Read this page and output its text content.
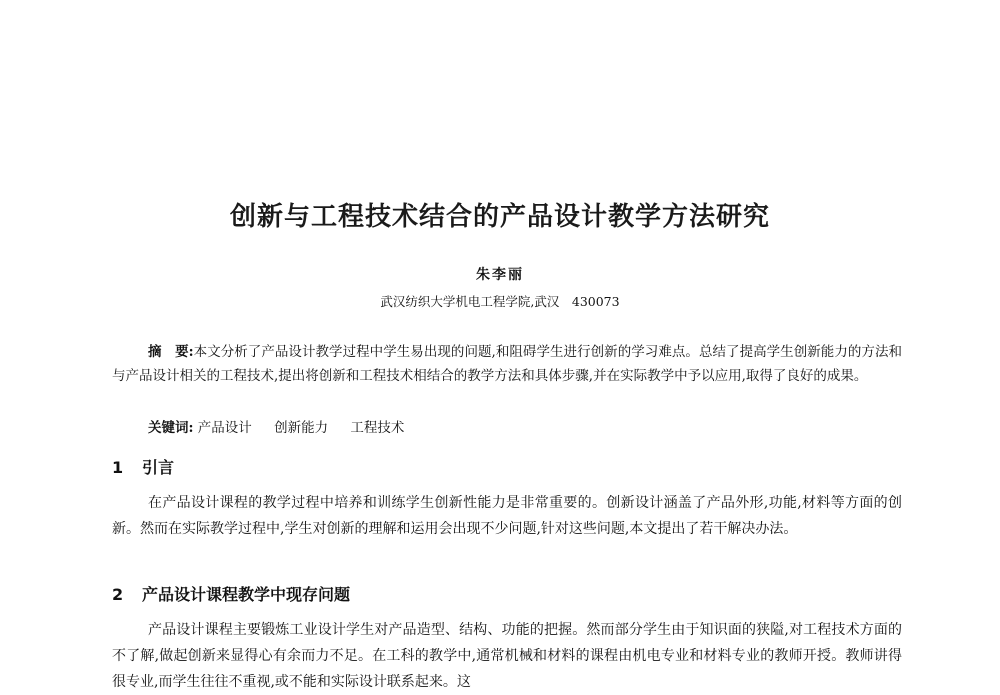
创新与工程技术结合的产品设计教学方法研究
朱李丽
武汉纺织大学机电工程学院,武汉　430073
摘　要:本文分析了产品设计教学过程中学生易出现的问题,和阻碍学生进行创新的学习难点。总结了提高学生创新能力的方法和与产品设计相关的工程技术,提出将创新和工程技术相结合的教学方法和具体步骤,并在实际教学中予以应用,取得了良好的成果。
关键词: 产品设计 创新能力 工程技术
1 引言
在产品设计课程的教学过程中培养和训练学生创新性能力是非常重要的。创新设计涵盖了产品外形,功能,材料等方面的创新。然而在实际教学过程中,学生对创新的理解和运用会出现不少问题,针对这些问题,本文提出了若干解决办法。
2 产品设计课程教学中现存问题
产品设计课程主要锻炼工业设计学生对产品造型、结构、功能的把握。然而部分学生由于知识面的狭隘,对工程技术方面的不了解,做起创新来显得心有余而力不足。在工科的教学中,通常机械和材料的课程由机电专业和材料专业的教师开授。教师讲得很专业,而学生往往不重视,或不能和实际设计联系起来。这
